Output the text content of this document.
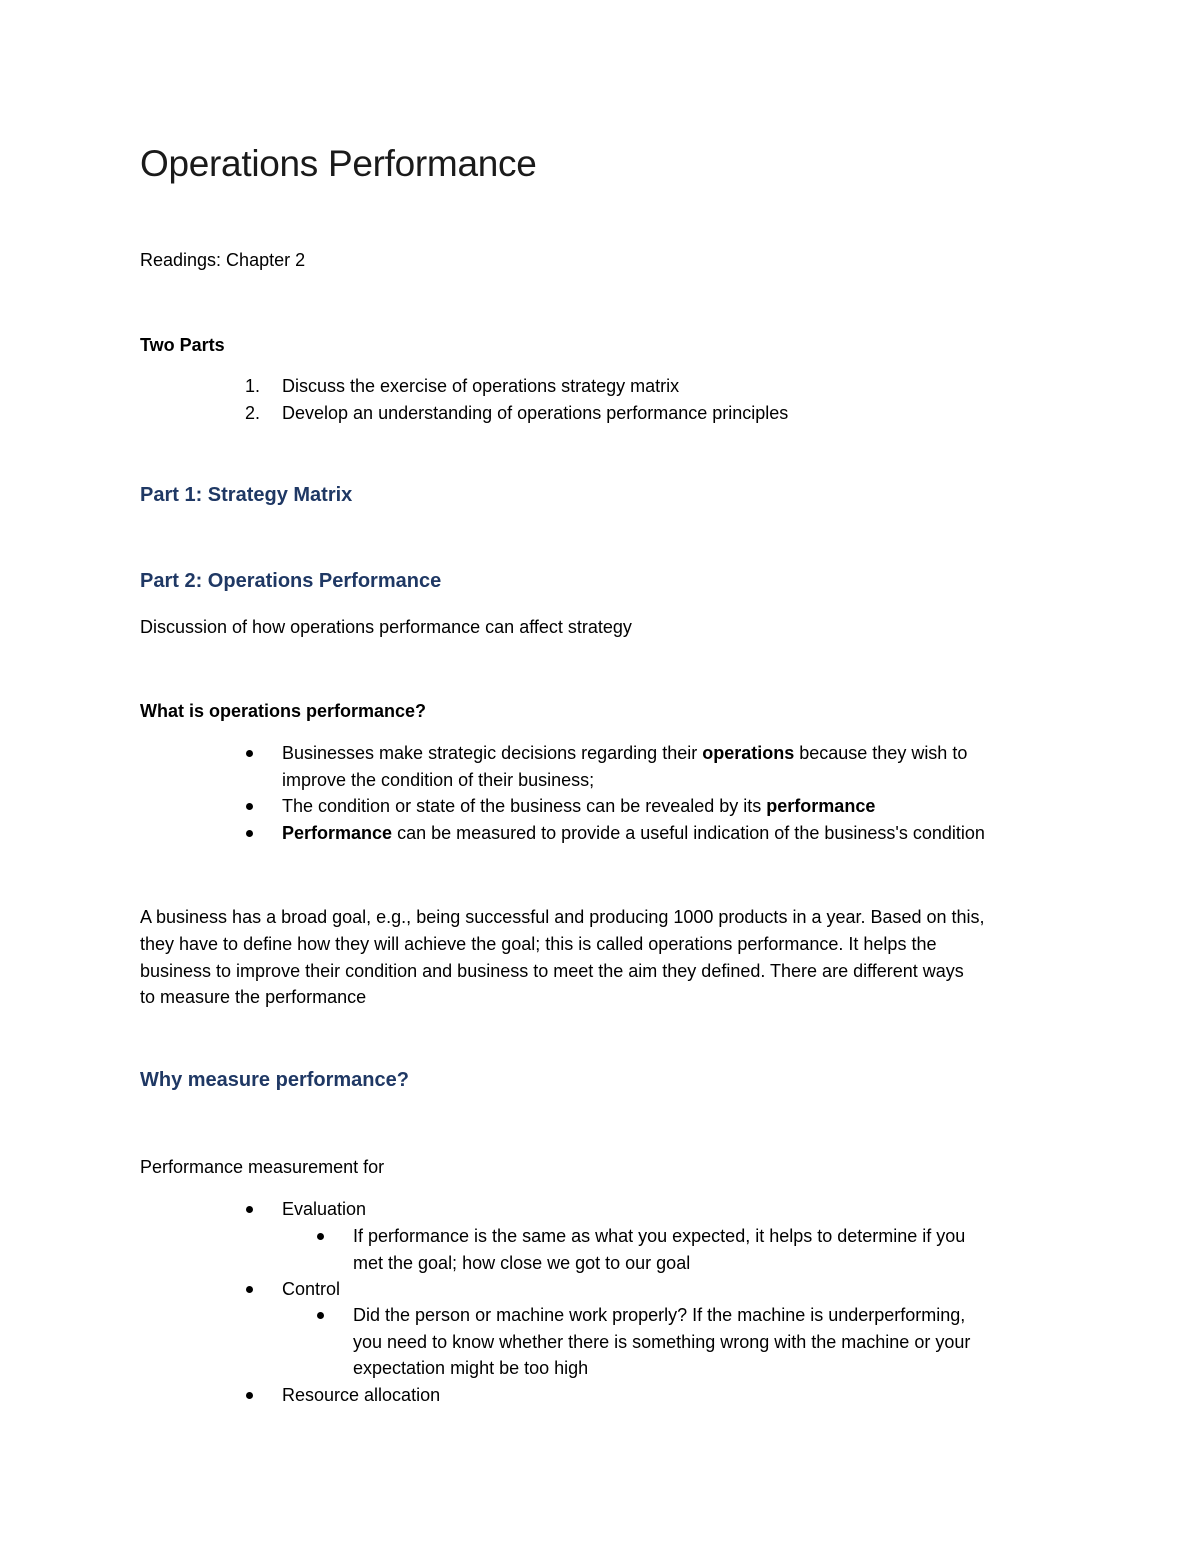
Operations Performance

Readings: Chapter 2

Two Parts

1. Discuss the exercise of operations strategy matrix
2. Develop an understanding of operations performance principles
Part 1: Strategy Matrix
Part 2: Operations Performance

Discussion of how operations performance can affect strategy

What is operations performance?

Businesses make strategic decisions regarding their operations because they wish to

improve the condition of their business;

The condition or state of the business can be revealed by its performance

Performance can be measured to provide a useful indication of the business's condition

A business has a broad goal, e.g., being successful and producing 1000 products in a year. Based on this,

they have to define how they will achieve the goal; this is called operations performance. It helps the

business to improve their condition and business to meet the aim they defined. There are different ways

to measure the performance

Why measure performance?

Performance measurement for

Evaluation

If performance is the same as what you expected, it helps to determine if you

met the goal; how close we got to our goal

Control

Did the person or machine work properly? If the machine is underperforming,

you need to know whether there is something wrong with the machine or your

expectation might be too high

Resource allocation
